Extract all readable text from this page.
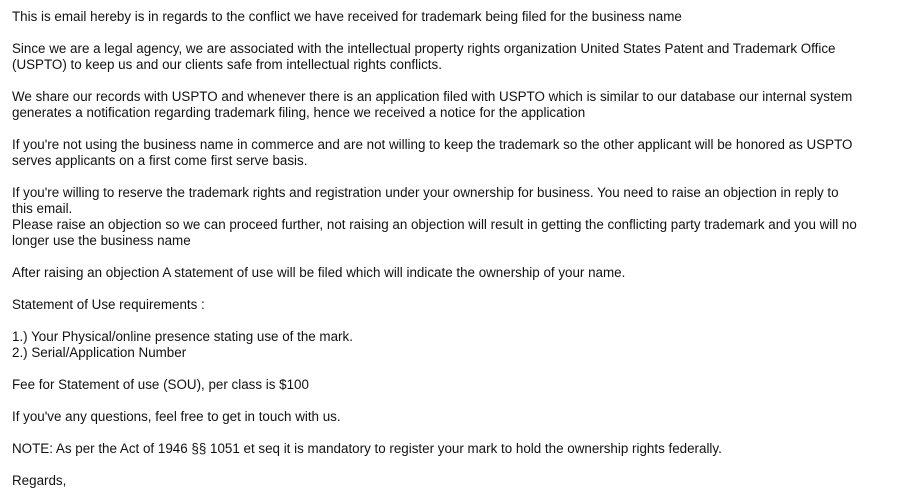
This is email hereby is in regards to the conflict we have received for trademark being filed for the business name
Since we are a legal agency, we are associated with the intellectual property rights organization United States Patent and Trademark Office
(USPTO) to keep us and our clients safe from intellectual rights conflicts.
We share our records with USPTO and whenever there is an application filed with USPTO which is similar to our database our internal system
generates a notification regarding trademark filing, hence we received a notice for the application
If you're not using the business name in commerce and are not willing to keep the trademark so the other applicant will be honored as USPTO
serves applicants on a first come first serve basis.
If you're willing to reserve the trademark rights and registration under your ownership for business. You need to raise an objection in reply to
this email.
Please raise an objection so we can proceed further, not raising an objection will result in getting the conflicting party trademark and you will no
longer use the business name
After raising an objection A statement of use will be filed which will indicate the ownership of your name.
Statement of Use requirements :
1.) Your Physical/online presence stating use of the mark.
2.) Serial/Application Number
Fee for Statement of use (SOU), per class is $100
If you've any questions, feel free to get in touch with us.
NOTE: As per the Act of 1946 §§ 1051 et seq it is mandatory to register your mark to hold the ownership rights federally.
Regards,
